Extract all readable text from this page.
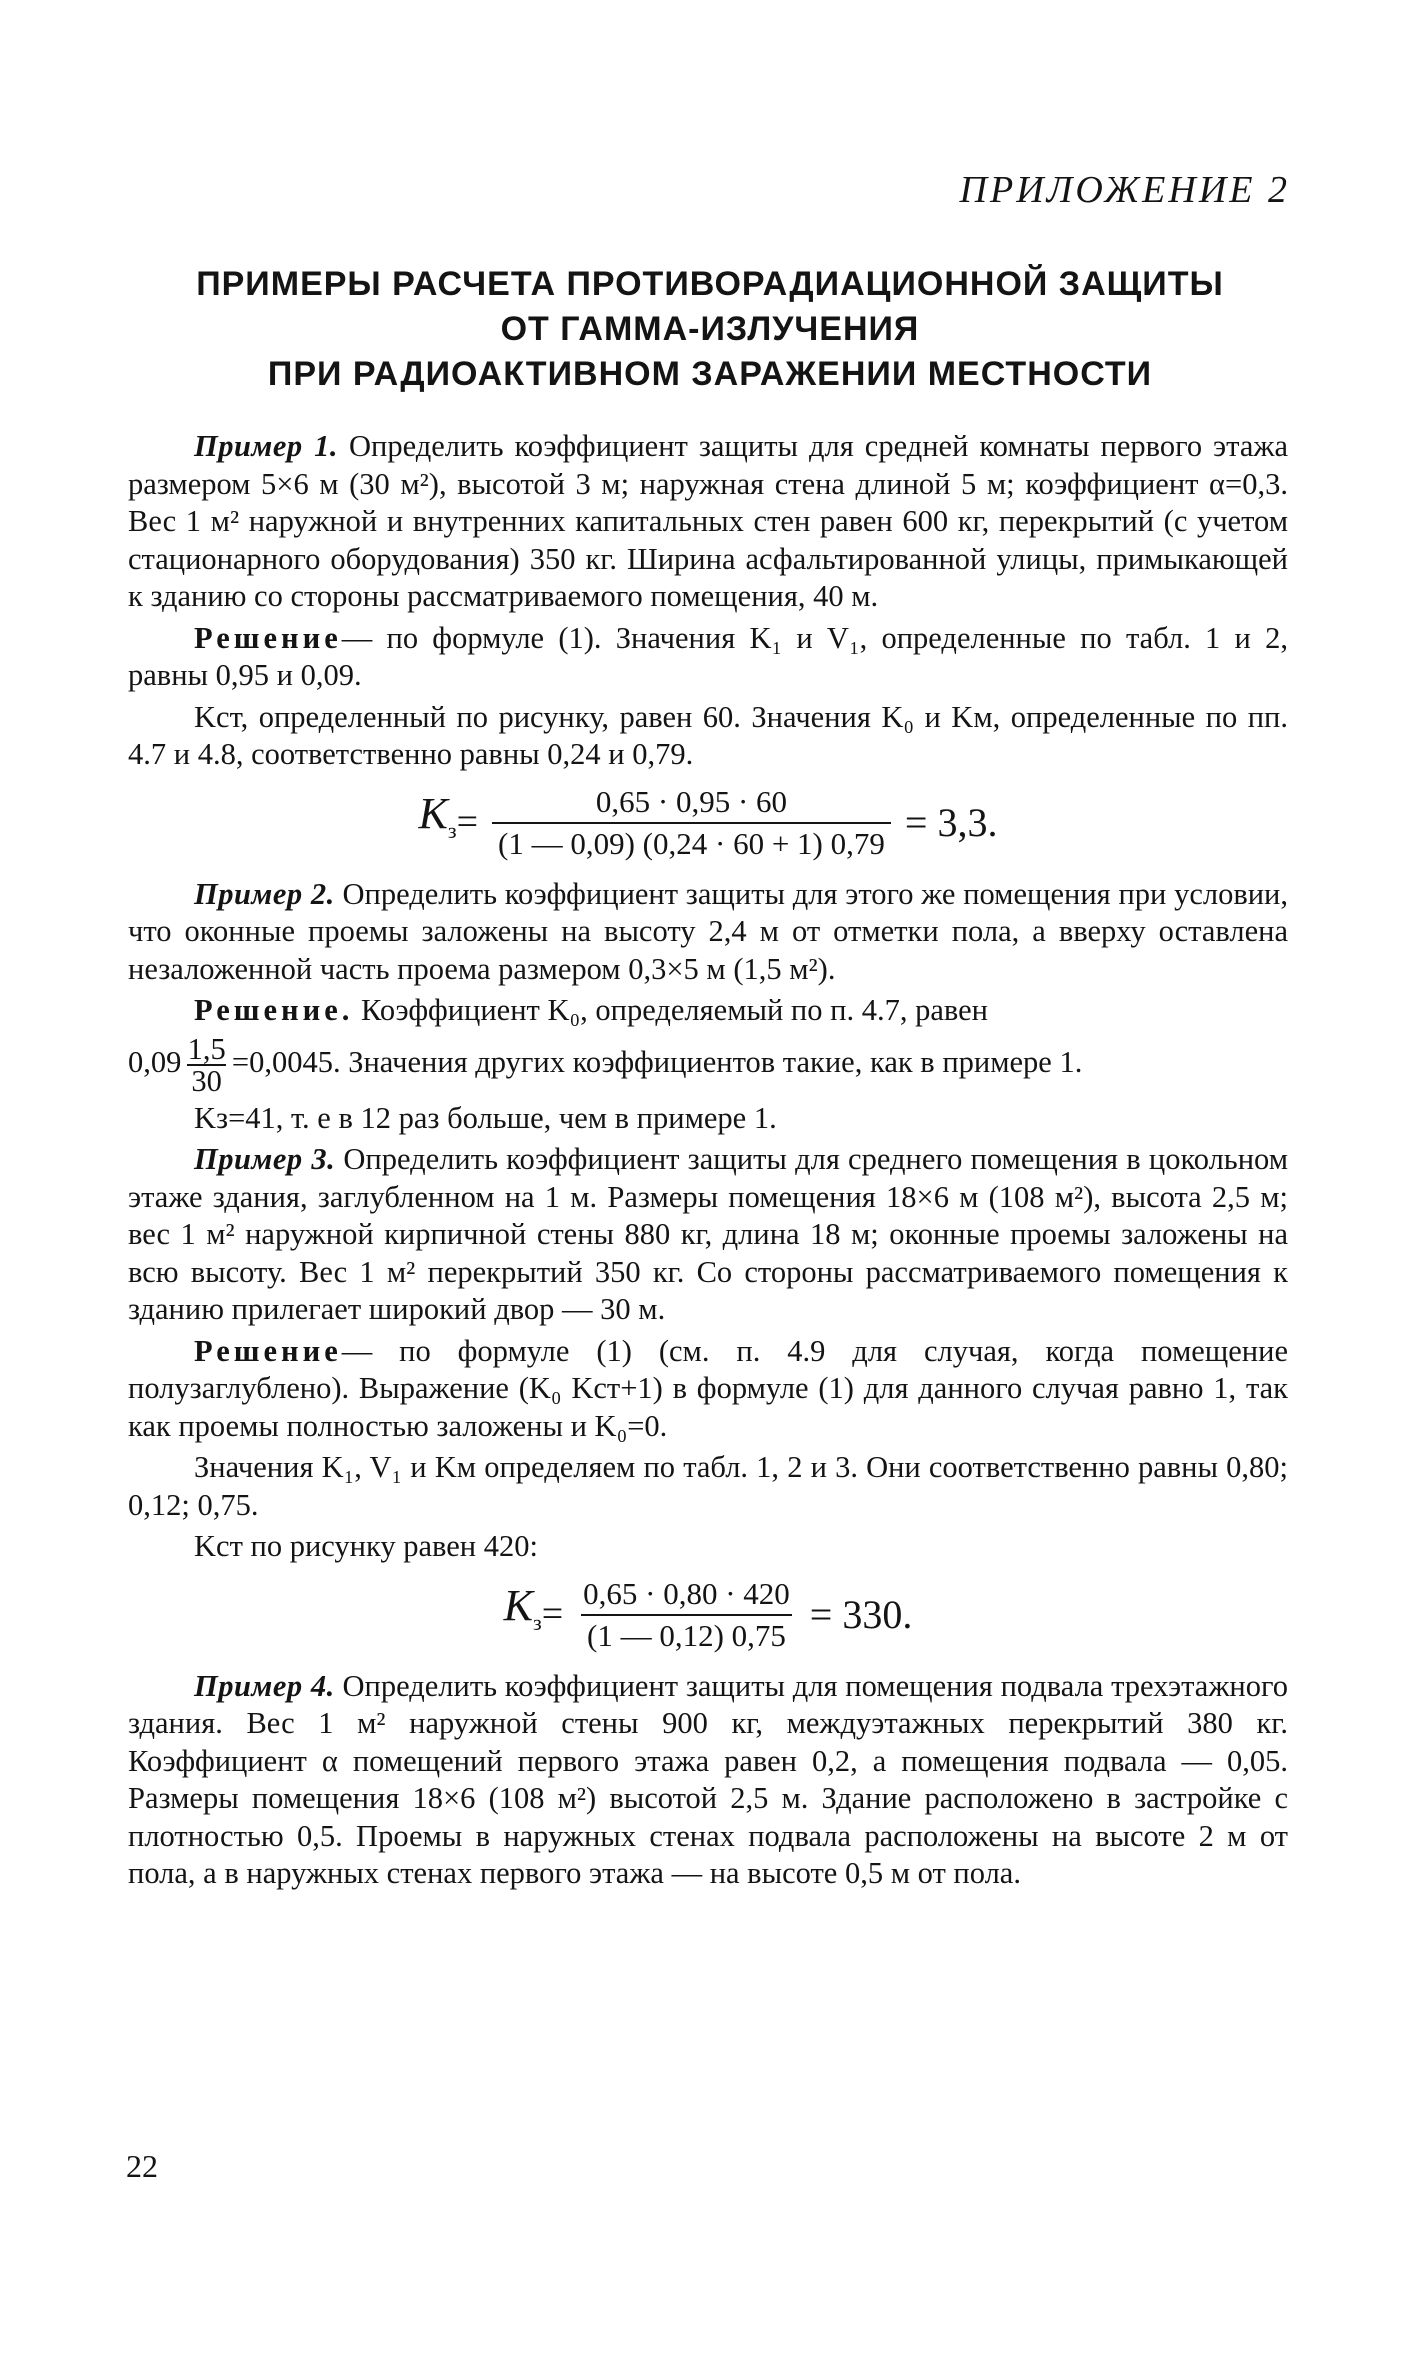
ПРИЛОЖЕНИЕ 2
ПРИМЕРЫ РАСЧЕТА ПРОТИВОРАДИАЦИОННОЙ ЗАЩИТЫ
ОТ ГАММА-ИЗЛУЧЕНИЯ
ПРИ РАДИОАКТИВНОМ ЗАРАЖЕНИИ МЕСТНОСТИ

Пример 1. Определить коэффициент защиты для средней комнаты первого этажа размером 5×6 м (30 м²), высотой 3 м; наружная стена длиной 5 м; коэффициент α=0,3. Вес 1 м² наружной и внутренних капитальных стен равен 600 кг, перекрытий (с учетом стационарного оборудования) 350 кг. Ширина асфальтированной улицы, примыкающей к зданию со стороны рассматриваемого помещения, 40 м.

Решение— по формуле (1). Значения K₁ и V₁, определенные по табл. 1 и 2, равны 0,95 и 0,09.

Kст, определенный по рисунку, равен 60. Значения K₀ и Kм, определенные по пп. 4.7 и 4.8, соответственно равны 0,24 и 0,79.

$K_з = \frac{0,65 \cdot 0,95 \cdot 60}{(1 — 0,09) (0,24 \cdot 60 + 1) 0,79} = 3,3$.

Пример 2. Определить коэффициент защиты для этого же помещения при условии, что оконные проемы заложены на высоту 2,4 м от отметки пола, а вверху оставлена незаложенной часть проема размером 0,3×5 м (1,5 м²).

Решение. Коэффициент K₀, определяемый по п. 4.7, равен

$0,09 \frac{1,5}{30} =0,0045$. Значения других коэффициентов такие, как в примере 1.

Kз=41, т. е в 12 раз больше, чем в примере 1.

Пример 3. Определить коэффициент защиты для среднего помещения в цокольном этаже здания, заглубленном на 1 м. Размеры помещения 18×6 м (108 м²), высота 2,5 м; вес 1 м² наружной кирпичной стены 880 кг, длина 18 м; оконные проемы заложены на всю высоту. Вес 1 м² перекрытий 350 кг. Со стороны рассматриваемого помещения к зданию прилегает широкий двор — 30 м.

Решение— по формуле (1) (см. п. 4.9 для случая, когда помещение полузаглублено). Выражение (K₀ Kст+1) в формуле (1) для данного случая равно 1, так как проемы полностью заложены и K₀=0.

Значения K₁, V₁ и Kм определяем по табл. 1, 2 и 3. Они соответственно равны 0,80; 0,12; 0,75.

Kст по рисунку равен 420:

$K_з = \frac{0,65 \cdot 0,80 \cdot 420}{(1 — 0,12) 0,75} = 330$.

Пример 4. Определить коэффициент защиты для помещения подвала трехэтажного здания. Вес 1 м² наружной стены 900 кг, междуэтажных перекрытий 380 кг. Коэффициент α помещений первого этажа равен 0,2, а помещения подвала — 0,05. Размеры помещения 18×6 (108 м²) высотой 2,5 м. Здание расположено в застройке с плотностью 0,5. Проемы в наружных стенах подвала расположены на высоте 2 м от пола, а в наружных стенах первого этажа — на высоте 0,5 м от пола.

22
